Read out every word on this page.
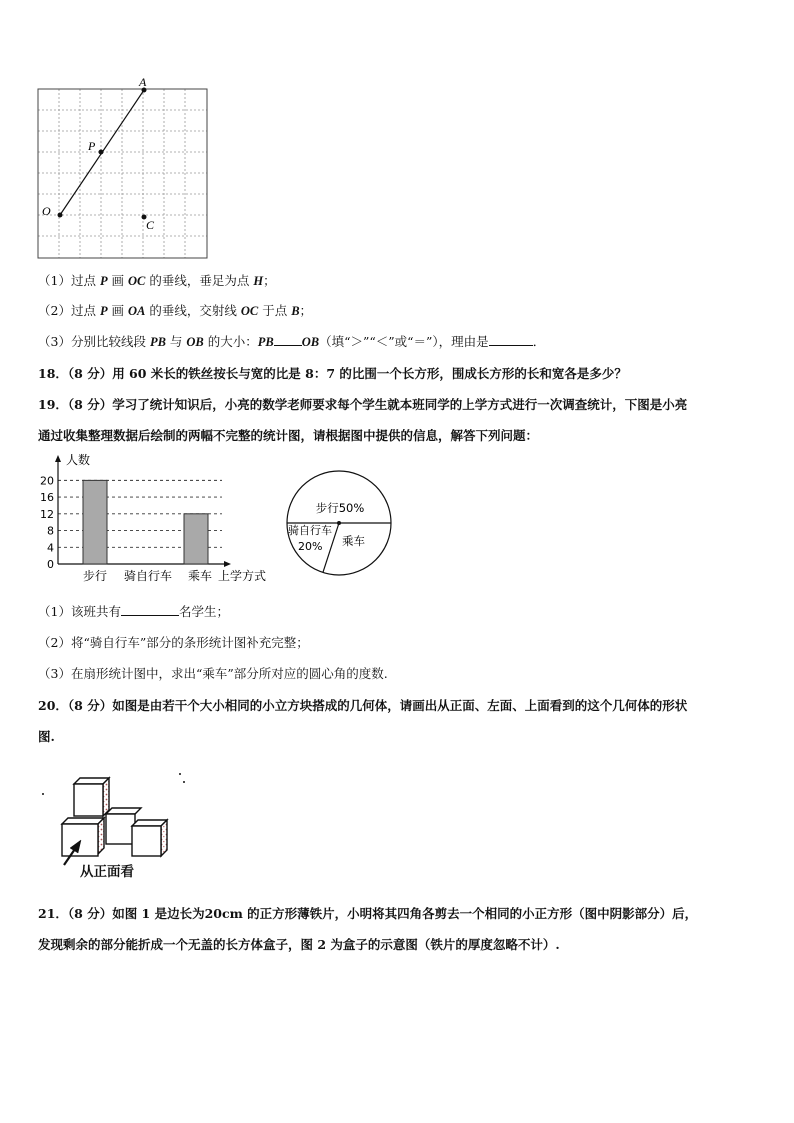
A
P
O
C
（1）过点 P 画 OC 的垂线，垂足为点 H；
（2）过点 P 画 OA 的垂线，交射线 OC 于点 B；
（3）分别比较线段 PB 与 OB 的大小：PB OB（填“＞”“＜”或“＝”），理由是	．
18．（8 分）用 60 米长的铁丝按长与宽的比是 8：7 的比围一个长方形，围成长方形的长和宽各是多少？
19．（8 分）学习了统计知识后，小亮的数学老师要求每个学生就本班同学的上学方式进行一次调查统计，下图是小亮
通过收集整理数据后绘制的两幅不完整的统计图，请根据图中提供的信息，解答下列问题：
0
4
8
12
16
20
人数
步行 骑自行车 乘车 上学方式
步行50%
骑自行车
20% 乘车
（1）该班共有	名学生；
（2）将“骑自行车”部分的条形统计图补充完整；
（3）在扇形统计图中，求出“乘车”部分所对应的圆心角的度数.
20．（8 分）如图是由若干个大小相同的小立方块搭成的几何体，请画出从正面、左面、上面看到的这个几何体的形状
图.
从正面看
21．（8 分）如图 1 是边长为20cm 的正方形薄铁片，小明将其四角各剪去一个相同的小正方形（图中阴影部分）后，
发现剩余的部分能折成一个无盖的长方体盒子，图 2 为盒子的示意图（铁片的厚度忽略不计）.
